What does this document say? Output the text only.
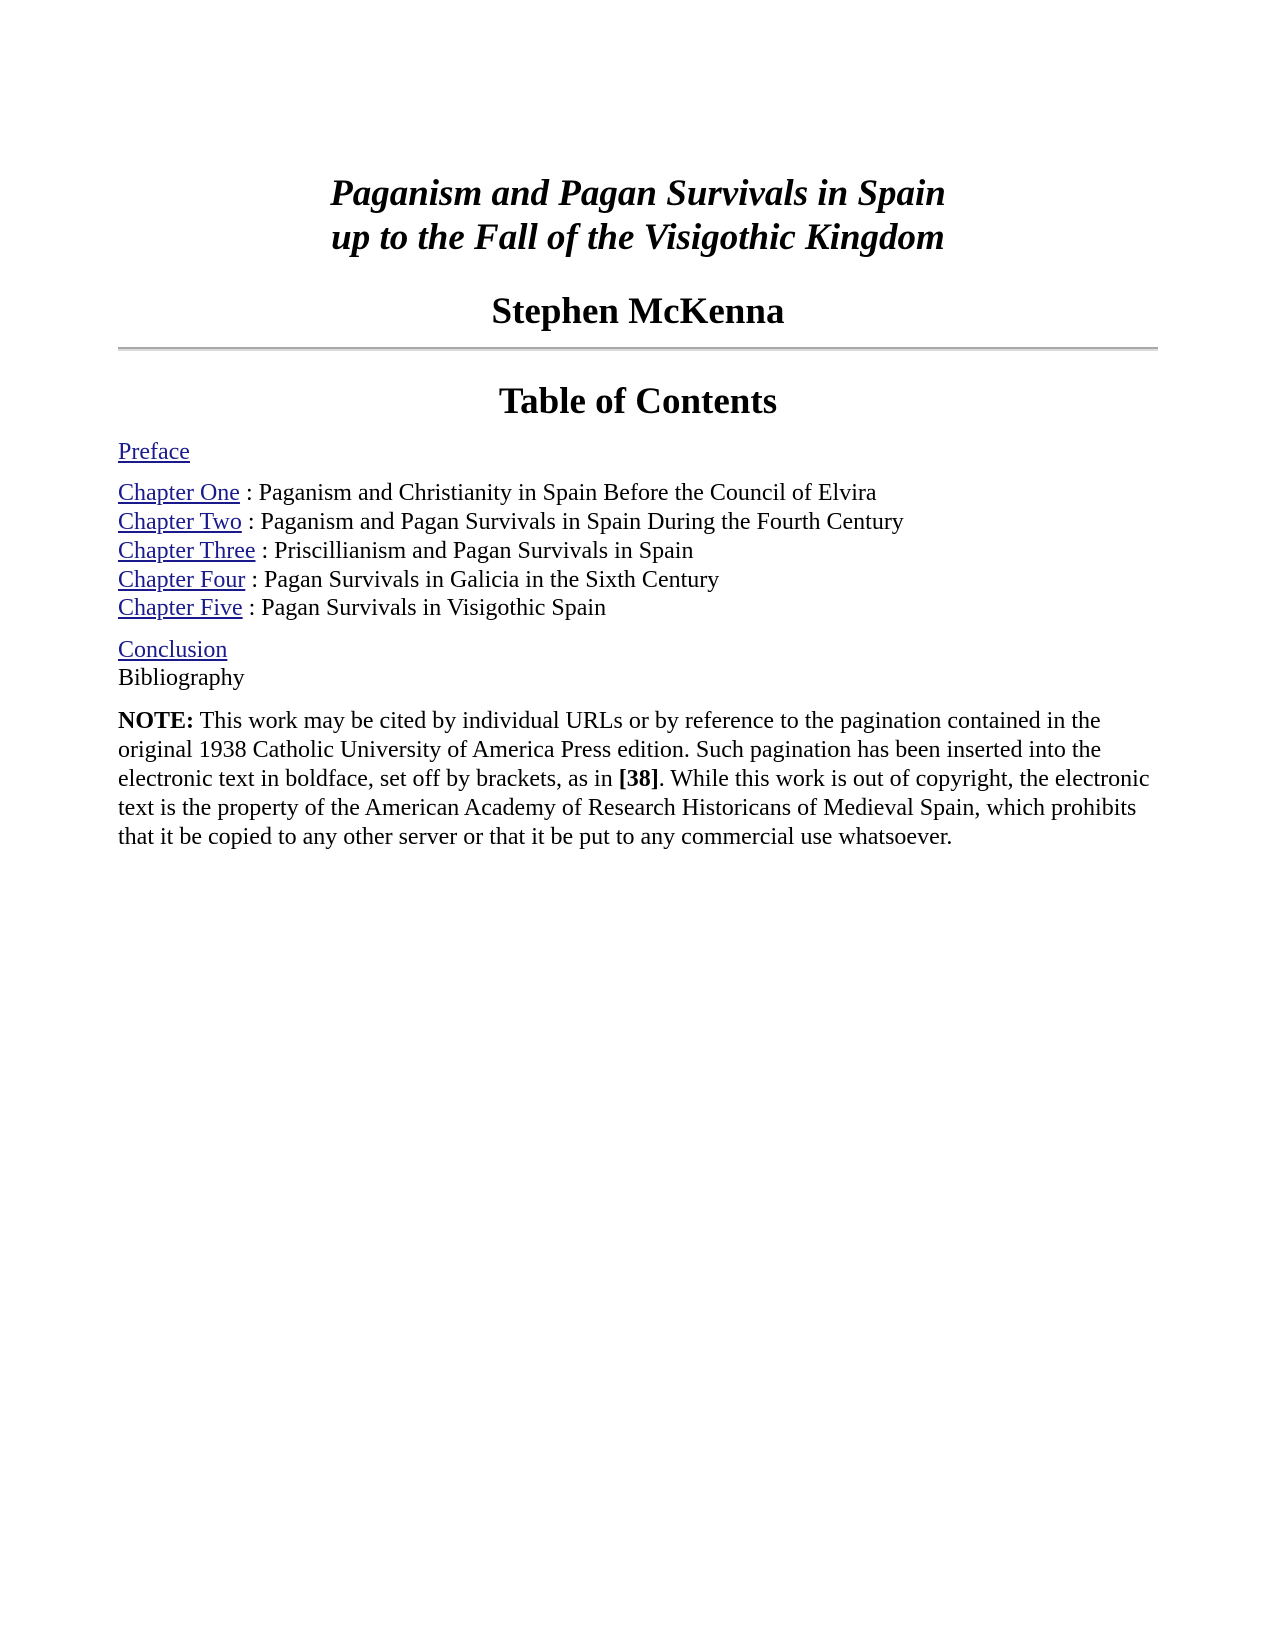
Paganism and Pagan Survivals in Spain
up to the Fall of the Visigothic Kingdom
Stephen McKenna
Table of Contents
Preface
Chapter One : Paganism and Christianity in Spain Before the Council of Elvira
Chapter Two : Paganism and Pagan Survivals in Spain During the Fourth Century
Chapter Three : Priscillianism and Pagan Survivals in Spain
Chapter Four : Pagan Survivals in Galicia in the Sixth Century
Chapter Five : Pagan Survivals in Visigothic Spain
Conclusion
Bibliography
NOTE: This work may be cited by individual URLs or by reference to the pagination contained in the original 1938 Catholic University of America Press edition. Such pagination has been inserted into the electronic text in boldface, set off by brackets, as in [38]. While this work is out of copyright, the electronic text is the property of the American Academy of Research Historicans of Medieval Spain, which prohibits that it be copied to any other server or that it be put to any commercial use whatsoever.
